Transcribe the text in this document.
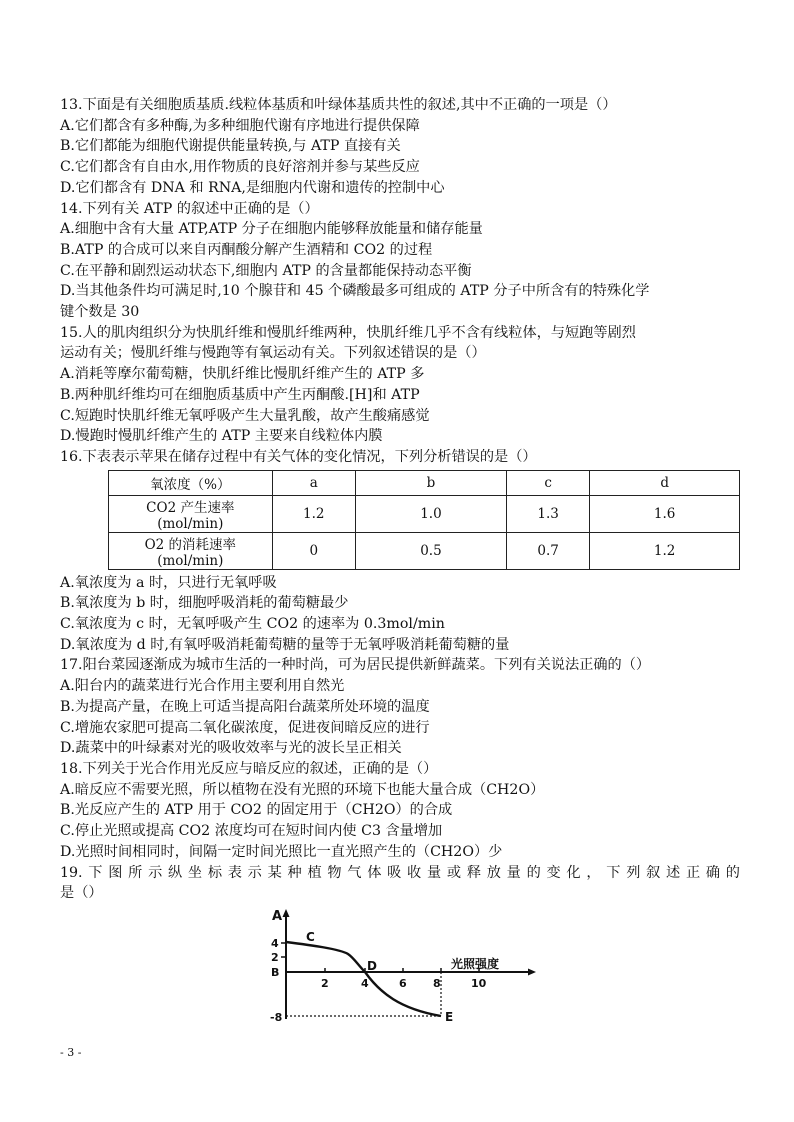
13.下面是有关细胞质基质.线粒体基质和叶绿体基质共性的叙述,其中不正确的一项是（）
A.它们都含有多种酶,为多种细胞代谢有序地进行提供保障
B.它们都能为细胞代谢提供能量转换,与 ATP 直接有关
C.它们都含有自由水,用作物质的良好溶剂并参与某些反应
D.它们都含有 DNA 和 RNA,是细胞内代谢和遗传的控制中心
14.下列有关 ATP 的叙述中正确的是（）
A.细胞中含有大量 ATP,ATP 分子在细胞内能够释放能量和储存能量
B.ATP 的合成可以来自丙酮酸分解产生酒精和 CO2 的过程
C.在平静和剧烈运动状态下,细胞内 ATP 的含量都能保持动态平衡
D.当其他条件均可满足时,10 个腺苷和 45 个磷酸最多可组成的 ATP 分子中所含有的特殊化学
键个数是 30
15.人的肌肉组织分为快肌纤维和慢肌纤维两种，快肌纤维几乎不含有线粒体，与短跑等剧烈
运动有关；慢肌纤维与慢跑等有氧运动有关。下列叙述错误的是（）
A.消耗等摩尔葡萄糖，快肌纤维比慢肌纤维产生的 ATP 多
B.两种肌纤维均可在细胞质基质中产生丙酮酸.[H]和 ATP
C.短跑时快肌纤维无氧呼吸产生大量乳酸，故产生酸痛感觉
D.慢跑时慢肌纤维产生的 ATP 主要来自线粒体内膜
16.下表表示苹果在储存过程中有关气体的变化情况，下列分析错误的是（）
氧浓度（%）	a	b	c	d
CO2 产生速率(mol/min)	1.2	1.0	1.3	1.6
O2 的消耗速率(mol/min)	0	0.5	0.7	1.2
A.氧浓度为 a 时，只进行无氧呼吸
B.氧浓度为 b 时，细胞呼吸消耗的葡萄糖最少
C.氧浓度为 c 时，无氧呼吸产生 CO2 的速率为 0.3mol/min
D.氧浓度为 d 时,有氧呼吸消耗葡萄糖的量等于无氧呼吸消耗葡萄糖的量
17.阳台菜园逐渐成为城市生活的一种时尚，可为居民提供新鲜蔬菜。下列有关说法正确的（）
A.阳台内的蔬菜进行光合作用主要利用自然光
B.为提高产量，在晚上可适当提高阳台蔬菜所处环境的温度
C.增施农家肥可提高二氧化碳浓度，促进夜间暗反应的进行
D.蔬菜中的叶绿素对光的吸收效率与光的波长呈正相关
18.下列关于光合作用光反应与暗反应的叙述，正确的是（）
A.暗反应不需要光照，所以植物在没有光照的环境下也能大量合成（CH2O）
B.光反应产生的 ATP 用于 CO2 的固定用于（CH2O）的合成
C.停止光照或提高 CO2 浓度均可在短时间内使 C3 含量增加
D.光照时间相同时，间隔一定时间光照比一直光照产生的（CH2O）少
19.下图所示纵坐标表示某种植物气体吸收量或释放量的变化，下列叙述正确的
是（）
A
4
2
B
-8
2	4	6 8	10
C
D
E
光照强度
- 3 -
